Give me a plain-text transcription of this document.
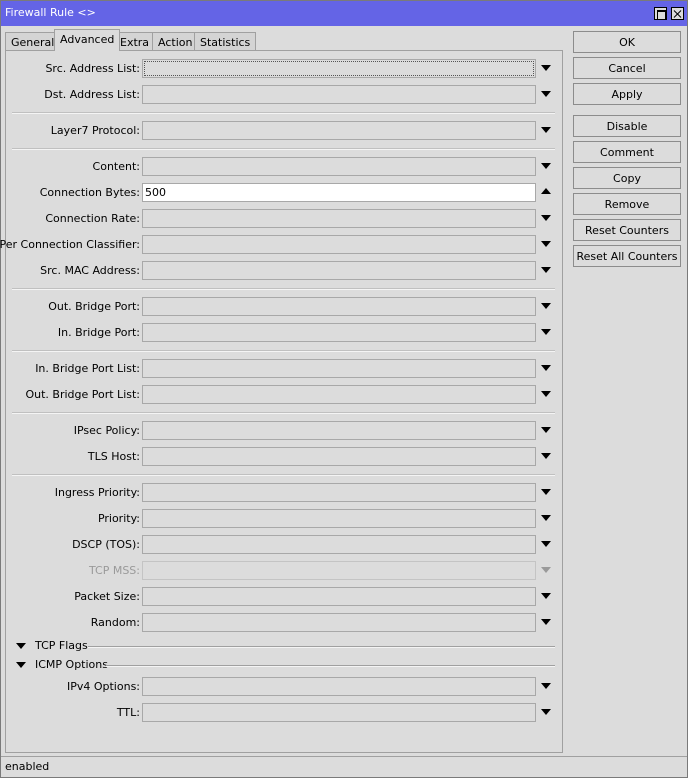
Firewall Rule <>
General Advanced Extra Action Statistics
Src. Address List:
Dst. Address List:
Layer7 Protocol:
Content:
Connection Bytes: 500
Connection Rate:
Per Connection Classifier:
Src. MAC Address:
Out. Bridge Port:
In. Bridge Port:
In. Bridge Port List:
Out. Bridge Port List:
IPsec Policy:
TLS Host:
Ingress Priority:
Priority:
DSCP (TOS):
TCP MSS:
Packet Size:
Random:
TCP Flags
ICMP Options
IPv4 Options:
TTL:
OK
Cancel
Apply
Disable
Comment
Copy
Remove
Reset Counters
Reset All Counters
enabled
